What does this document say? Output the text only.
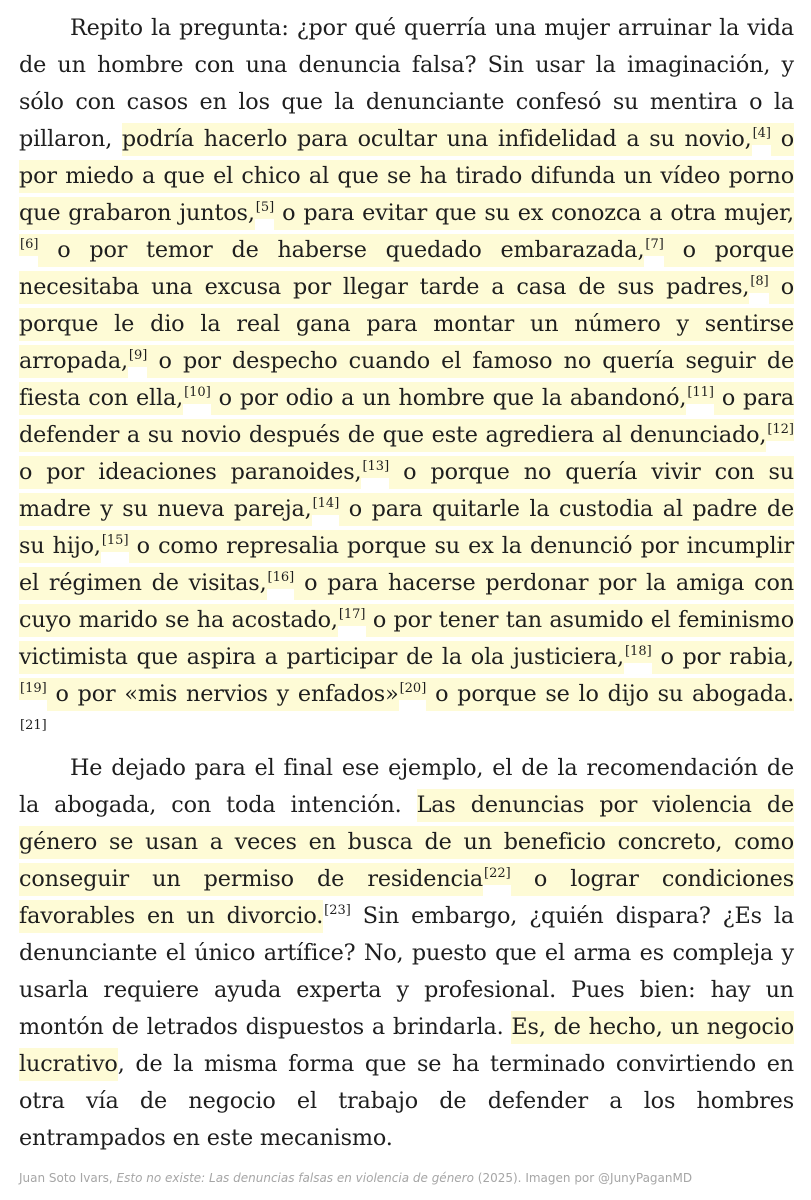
Repito la pregunta: ¿por qué querría una mujer arruinar la vida de un hombre con una denuncia falsa? Sin usar la imaginación, y sólo con casos en los que la denunciante confesó su mentira o la pillaron, podría hacerlo para ocultar una infidelidad a su novio,[4] o por miedo a que el chico al que se ha tirado difunda un vídeo porno que grabaron juntos,[5] o para evitar que su ex conozca a otra mujer,[6] o por temor de haberse quedado embarazada,[7] o porque necesitaba una excusa por llegar tarde a casa de sus padres,[8] o porque le dio la real gana para montar un número y sentirse arropada,[9] o por despecho cuando el famoso no quería seguir de fiesta con ella,[10] o por odio a un hombre que la abandonó,[11] o para defender a su novio después de que este agrediera al denunciado,[12] o por ideaciones paranoides,[13] o porque no quería vivir con su madre y su nueva pareja,[14] o para quitarle la custodia al padre de su hijo,[15] o como represalia porque su ex la denunció por incumplir el régimen de visitas,[16] o para hacerse perdonar por la amiga con cuyo marido se ha acostado,[17] o por tener tan asumido el feminismo victimista que aspira a participar de la ola justiciera,[18] o por rabia,[19] o por «mis nervios y enfados»[20] o porque se lo dijo su abogada.[21]

He dejado para el final ese ejemplo, el de la recomendación de la abogada, con toda intención. Las denuncias por violencia de género se usan a veces en busca de un beneficio concreto, como conseguir un permiso de residencia[22] o lograr condiciones favorables en un divorcio.[23] Sin embargo, ¿quién dispara? ¿Es la denunciante el único artífice? No, puesto que el arma es compleja y usarla requiere ayuda experta y profesional. Pues bien: hay un montón de letrados dispuestos a brindarla. Es, de hecho, un negocio lucrativo, de la misma forma que se ha terminado convirtiendo en otra vía de negocio el trabajo de defender a los hombres entrampados en este mecanismo.

Juan Soto Ivars, Esto no existe: Las denuncias falsas en violencia de género (2025). Imagen por @JunyPaganMD
